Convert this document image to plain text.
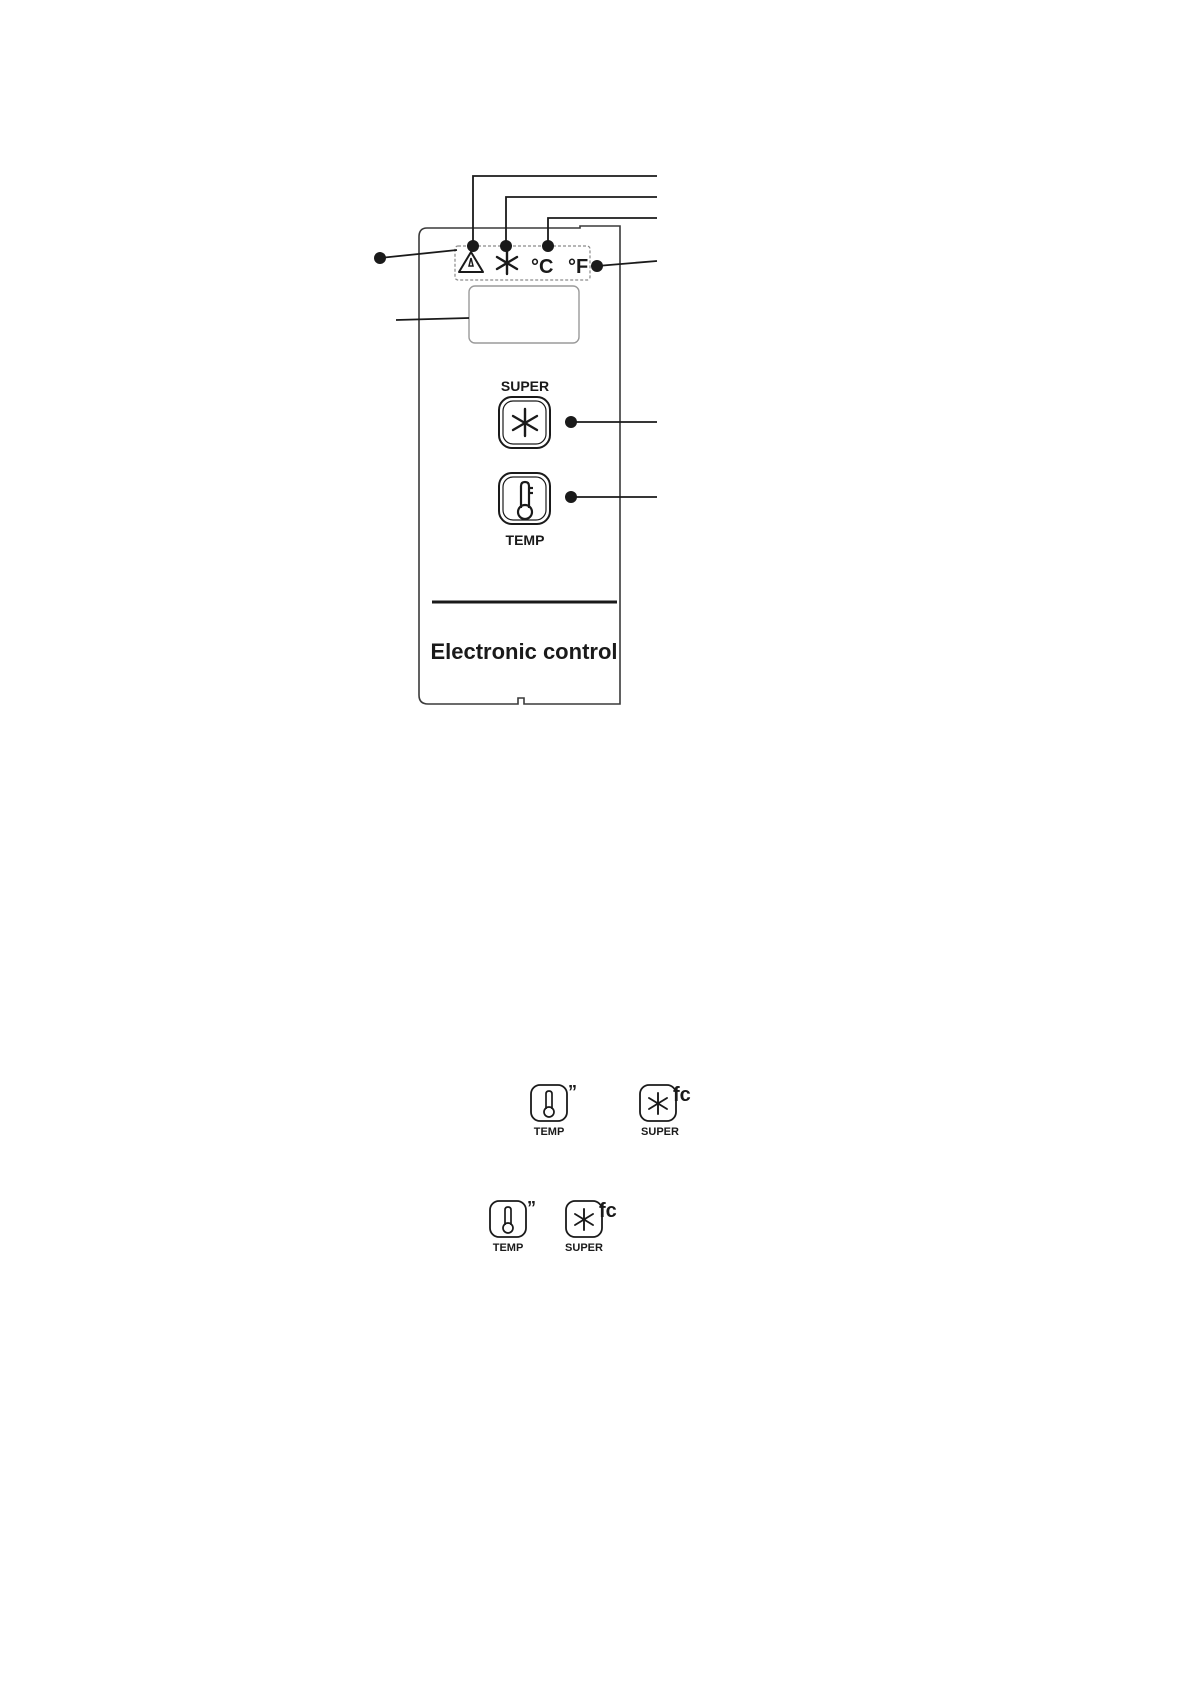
°C °F
SUPER
TEMP
Electronic control
”
TEMP
fc
SUPER
”
TEMP
fc
SUPER
